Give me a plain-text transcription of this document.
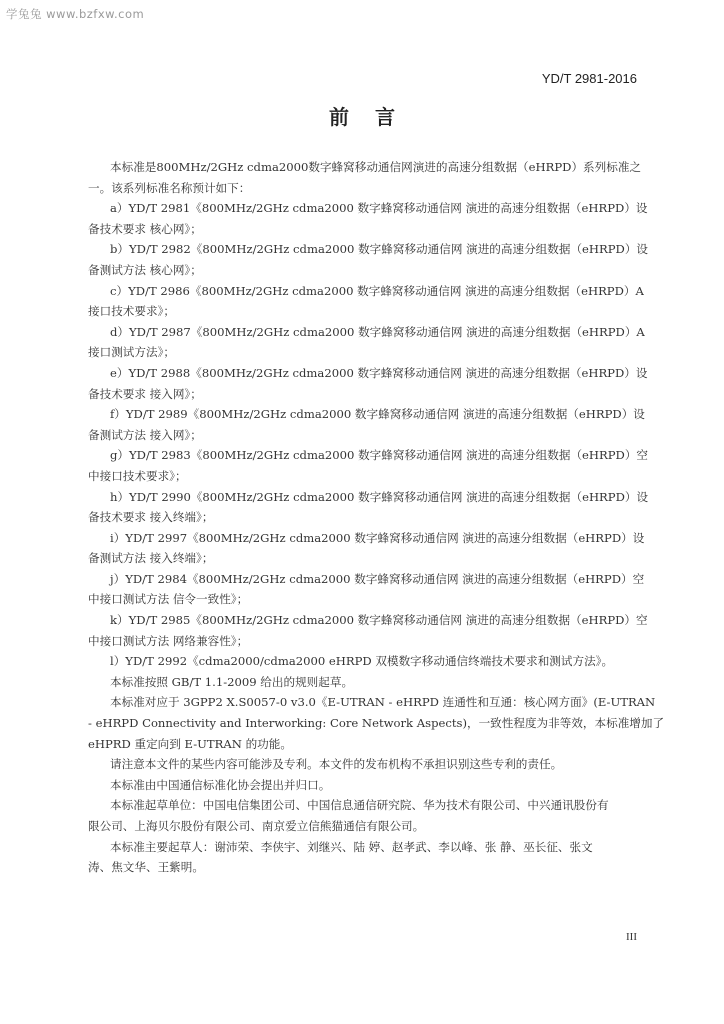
学兔兔 www.bzfxw.com
YD/T 2981-2016
前言
本标准是800MHz/2GHz cdma2000数字蜂窝移动通信网演进的高速分组数据（eHRPD）系列标准之
一。该系列标准名称预计如下：
a）YD/T 2981《800MHz/2GHz cdma2000 数字蜂窝移动通信网 演进的高速分组数据（eHRPD）设
备技术要求 核心网》；
b）YD/T 2982《800MHz/2GHz cdma2000 数字蜂窝移动通信网 演进的高速分组数据（eHRPD）设
备测试方法 核心网》；
c）YD/T 2986《800MHz/2GHz cdma2000 数字蜂窝移动通信网 演进的高速分组数据（eHRPD）A
接口技术要求》；
d）YD/T 2987《800MHz/2GHz cdma2000 数字蜂窝移动通信网 演进的高速分组数据（eHRPD）A
接口测试方法》；
e）YD/T 2988《800MHz/2GHz cdma2000 数字蜂窝移动通信网 演进的高速分组数据（eHRPD）设
备技术要求 接入网》；
f）YD/T 2989《800MHz/2GHz cdma2000 数字蜂窝移动通信网 演进的高速分组数据（eHRPD）设
备测试方法 接入网》；
g）YD/T 2983《800MHz/2GHz cdma2000 数字蜂窝移动通信网 演进的高速分组数据（eHRPD）空
中接口技术要求》；
h）YD/T 2990《800MHz/2GHz cdma2000 数字蜂窝移动通信网 演进的高速分组数据（eHRPD）设
备技术要求 接入终端》；
i）YD/T 2997《800MHz/2GHz cdma2000 数字蜂窝移动通信网 演进的高速分组数据（eHRPD）设
备测试方法 接入终端》；
j）YD/T 2984《800MHz/2GHz cdma2000 数字蜂窝移动通信网 演进的高速分组数据（eHRPD）空
中接口测试方法 信令一致性》；
k）YD/T 2985《800MHz/2GHz cdma2000 数字蜂窝移动通信网 演进的高速分组数据（eHRPD）空
中接口测试方法 网络兼容性》；
l）YD/T 2992《cdma2000/cdma2000 eHRPD 双模数字移动通信终端技术要求和测试方法》。
本标准按照 GB/T 1.1-2009 给出的规则起草。
本标准对应于 3GPP2 X.S0057-0 v3.0《E-UTRAN - eHRPD 连通性和互通：核心网方面》(E-UTRAN
- eHRPD Connectivity and Interworking: Core Network Aspects)，一致性程度为非等效，本标准增加了
eHPRD 重定向到 E-UTRAN 的功能。
请注意本文件的某些内容可能涉及专利。本文件的发布机构不承担识别这些专利的责任。
本标准由中国通信标准化协会提出并归口。
本标准起草单位：中国电信集团公司、中国信息通信研究院、华为技术有限公司、中兴通讯股份有
限公司、上海贝尔股份有限公司、南京爱立信熊猫通信有限公司。
本标准主要起草人：谢沛荣、李侠宇、刘继兴、陆 婷、赵孝武、李以峰、张 静、巫长征、张文
涛、焦文华、王紫明。
III
